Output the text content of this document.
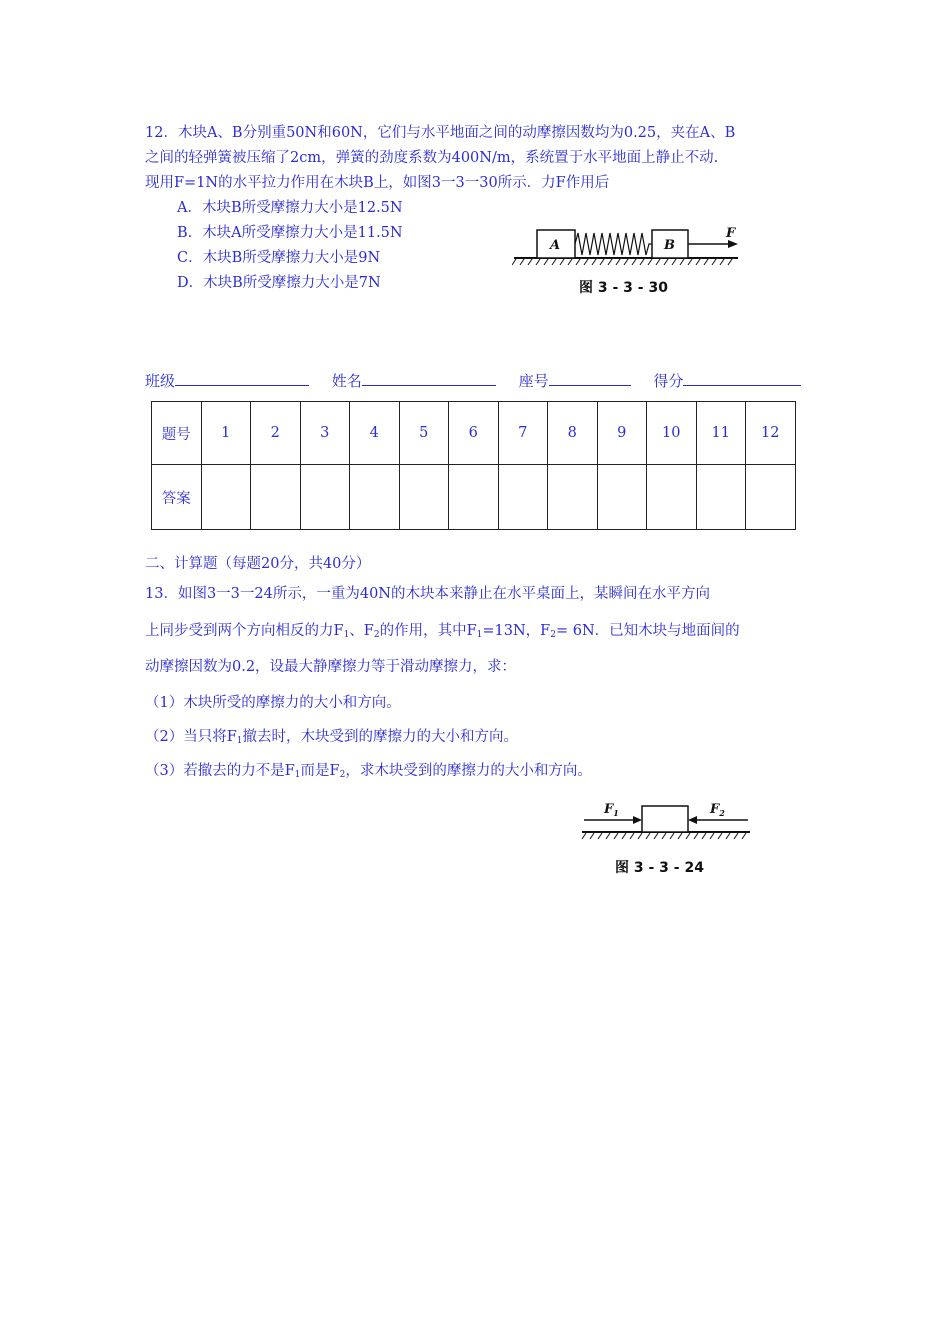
12．木块A、B分别重50N和60N，它们与水平地面之间的动摩擦因数均为0.25，夹在A、B
之间的轻弹簧被压缩了2cm，弹簧的劲度系数为400N/m，系统置于水平地面上静止不动.
现用F=1N的水平拉力作用在木块B上，如图3一3一30所示．力F作用后
A．木块B所受摩擦力大小是12.5N
B．木块A所受摩擦力大小是11.5N
C．木块B所受摩擦力大小是9N
D．木块B所受摩擦力大小是7N
A	B
F
图 3 - 3 - 30
班级	姓名	座号	得分
题号	1	2	3	4	5	6	7	8	9	10	11	12
答案												
二、计算题（每题20分，共40分）
13．如图3一3一24所示，一重为40N的木块本来静止在水平桌面上，某瞬间在水平方向
上同步受到两个方向相反的力$F_1$、$F_2$的作用，其中$F_1=13N$，$F_2= 6N$．已知木块与地面间的
动摩擦因数为0.2，设最大静摩擦力等于滑动摩擦力，求：
（1）木块所受的摩擦力的大小和方向。
（2）当只将$F_1$撤去时，木块受到的摩擦力的大小和方向。
（3）若撤去的力不是$F_1$而是$F_2$，求木块受到的摩擦力的大小和方向。
$F_1$	$F_2$
图 3 - 3 - 24
